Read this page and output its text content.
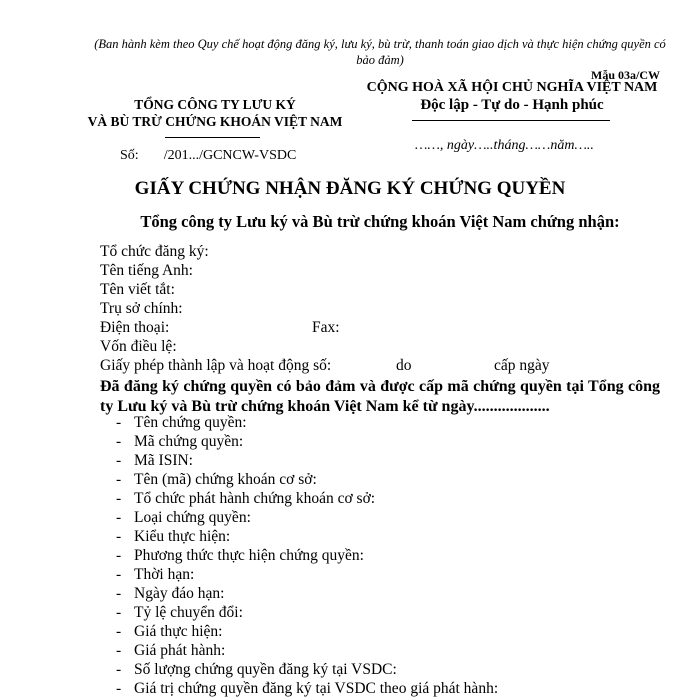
(Ban hành kèm theo Quy chế hoạt động đăng ký, lưu ký, bù trừ, thanh toán giao dịch và thực hiện chứng quyền có bảo đảm)
Mẫu 03a/CW
TỔNG CÔNG TY LƯU KÝ
VÀ BÙ TRỪ CHỨNG KHOÁN VIỆT NAM
CỘNG HOÀ XÃ HỘI CHỦ NGHĨA VIỆT NAM
Độc lập - Tự do - Hạnh phúc
Số: /201.../GCNCW-VSDC
……, ngày…..tháng……năm…..
GIẤY CHỨNG NHẬN ĐĂNG KÝ CHỨNG QUYỀN
Tổng công ty Lưu ký và Bù trừ chứng khoán Việt Nam chứng nhận:
Tổ chức đăng ký:
Tên tiếng Anh:
Tên viết tắt:
Trụ sở chính:
Điện thoại:	Fax:
Vốn điều lệ:
Giấy phép thành lập và hoạt động số:	do	cấp ngày
Đã đăng ký chứng quyền có bảo đảm và được cấp mã chứng quyền tại Tổng công ty Lưu ký và Bù trừ chứng khoán Việt Nam kể từ ngày...................
- Tên chứng quyền:
- Mã chứng quyền:
- Mã ISIN:
- Tên (mã) chứng khoán cơ sở:
- Tổ chức phát hành chứng khoán cơ sở:
- Loại chứng quyền:
- Kiểu thực hiện:
- Phương thức thực hiện chứng quyền:
- Thời hạn:
- Ngày đáo hạn:
- Tỷ lệ chuyển đổi:
- Giá thực hiện:
- Giá phát hành:
- Số lượng chứng quyền đăng ký tại VSDC:
- Giá trị chứng quyền đăng ký tại VSDC theo giá phát hành:
